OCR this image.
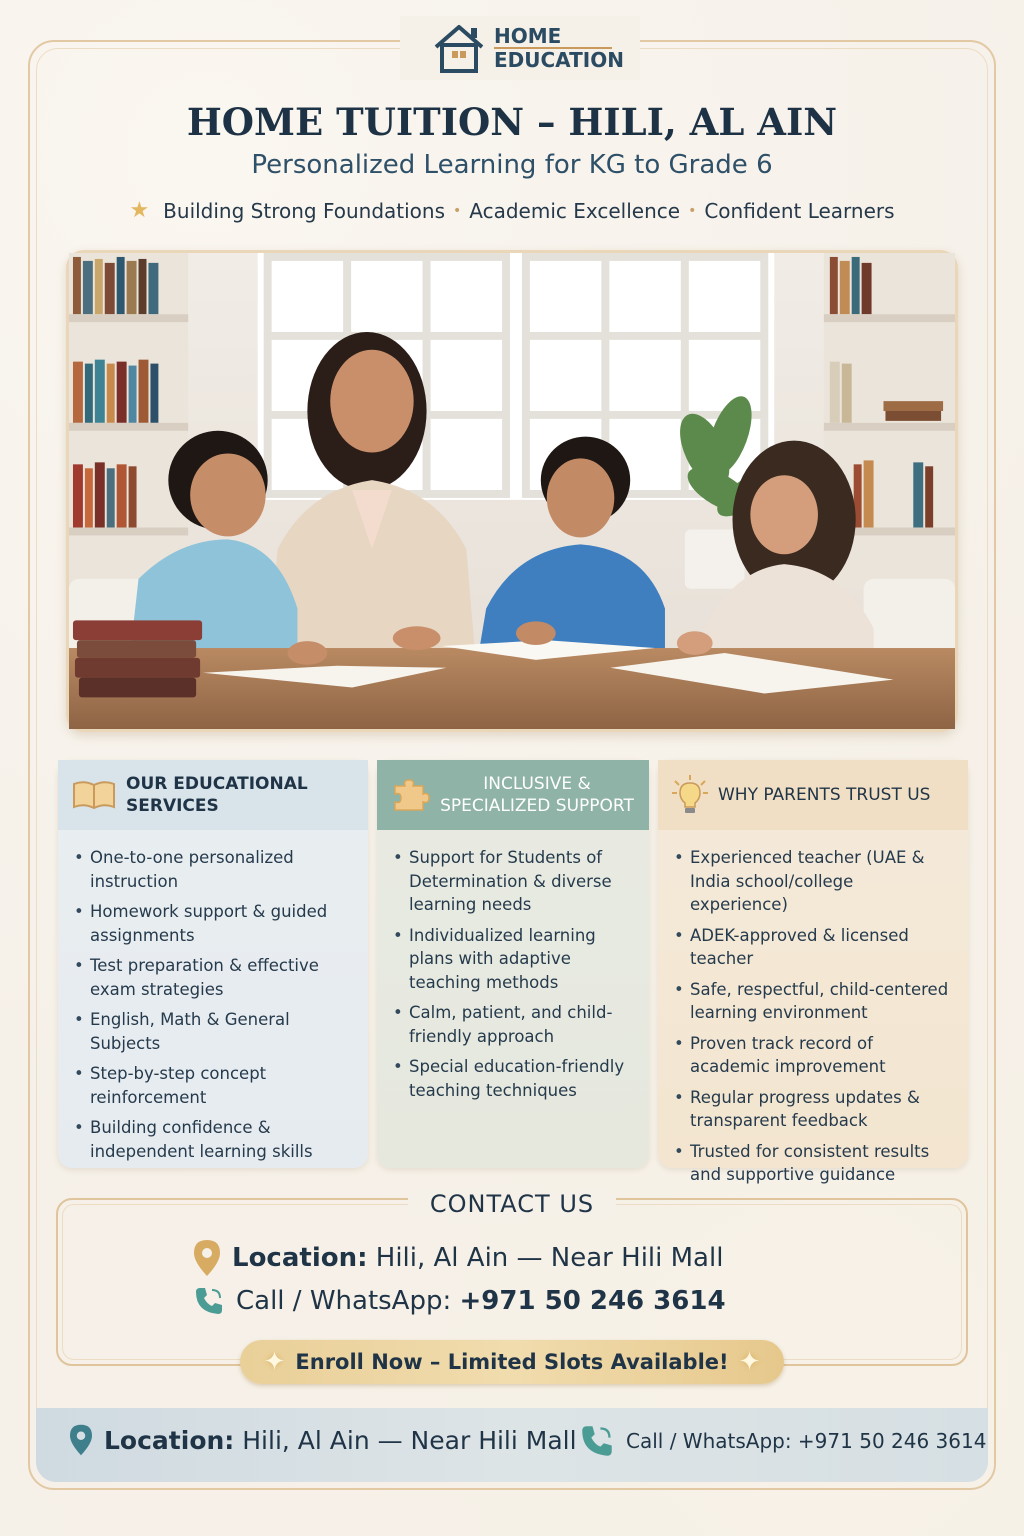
HOME
EDUCATION
HOME TUITION – HILI, AL AIN
Personalized Learning for KG to Grade 6
★ Building Strong Foundations • Academic Excellence • Confident Learners
OUR EDUCATIONAL SERVICES
• One-to-one personalized instruction
• Homework support & guided assignments
• Test preparation & effective exam strategies
• English, Math & General Subjects
• Step-by-step concept reinforcement
• Building confidence & independent learning skills
INCLUSIVE &
SPECIALIZED SUPPORT
• Support for Students of Determination & diverse learning needs
• Individualized learning plans with adaptive teaching methods
• Calm, patient, and child-friendly approach
• Special education-friendly teaching techniques
WHY PARENTS TRUST US
• Experienced teacher (UAE & India school/college experience)
• ADEK-approved & licensed teacher
• Safe, respectful, child-centered learning environment
• Proven track record of academic improvement
• Regular progress updates & transparent feedback
• Trusted for consistent results and supportive guidance
CONTACT US
Location: Hili, Al Ain — Near Hili Mall
Call / WhatsApp: +971 50 246 3614
✦ Enroll Now – Limited Slots Available! ✦
Location: Hili, Al Ain — Near Hili Mall Call / WhatsApp: +971 50 246 3614
